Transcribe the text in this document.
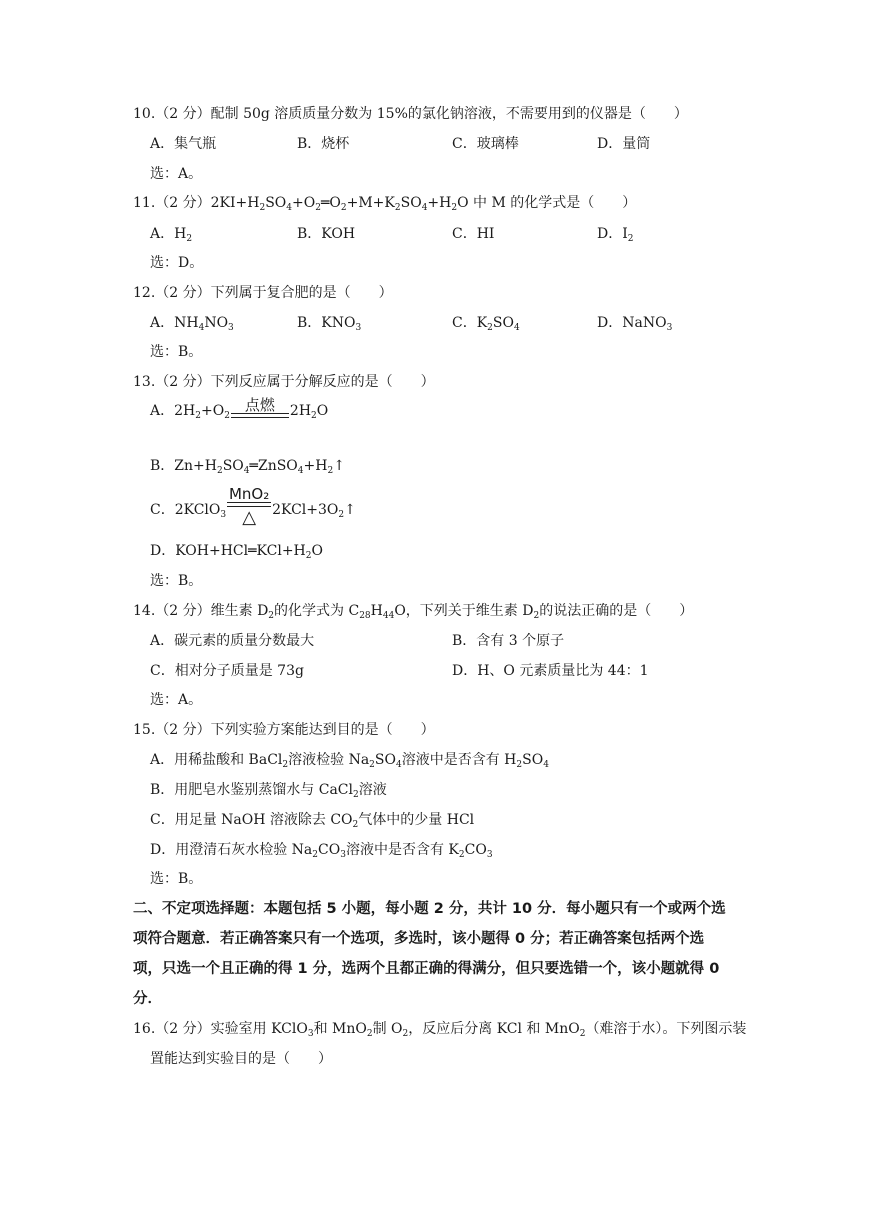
10.（2 分）配制 50g 溶质质量分数为 15%的氯化钠溶液，不需要用到的仪器是（　　）
A．集气瓶	B．烧杯	C．玻璃棒	D．量筒
选：A。
11.（2 分）$2KI+H_2SO_4+O_2═O_2+M+K_2SO_4+H_2O$ 中 M 的化学式是（　　）
A．$H_2$	B．KOH	C．HI	D．$I_2$
选：D。
12.（2 分）下列属于复合肥的是（　　）
A．$NH_4NO_3$	B．$KNO_3$	C．$K_2SO_4$	D．NaNO$_3$
选：B。
13.（2 分）下列反应属于分解反应的是（　　）
A．$2H_2+O_2$
点燃	$2H_2O$
B．$Zn+H_2SO_4═ZnSO_4+H_2↑$
C．2KClO$_3$
MnO₂
△	$2KCl+3O_2↑$
D．$KOH+HCl═KCl+H_2O$
选：B。
14.（2 分）维生素 $D_2$的化学式为 $C_{28}H_{44}O$，下列关于维生素 $D_2$的说法正确的是（　　）
A．碳元素的质量分数最大	B．含有 3 个原子
C．相对分子质量是 73g	D．H、O 元素质量比为 44：1
选：A。
15.（2 分）下列实验方案能达到目的是（　　）
A．用稀盐酸和 BaCl$_2$溶液检验 $Na_2SO_4$溶液中是否含有 $H_2SO_4$
B．用肥皂水鉴别蒸馏水与 CaCl$_2$溶液
C．用足量 NaOH 溶液除去 $CO_2$气体中的少量 HCl
D．用澄清石灰水检验 $Na_2CO_3$溶液中是否含有 $K_2CO_3$
选：B。
二、不定项选择题：本题包括 5 小题，每小题 2 分，共计 10 分．每小题只有一个或两个选
项符合题意．若正确答案只有一个选项，多选时，该小题得 0 分；若正确答案包括两个选
项，只选一个且正确的得 1 分，选两个且都正确的得满分，但只要选错一个，该小题就得 0
分．
16.（2 分）实验室用 KClO$_3$和 MnO$_2$制 $O_2$，反应后分离 KCl 和 MnO$_2$（难溶于水）。下列图示装
置能达到实验目的是（　　）
